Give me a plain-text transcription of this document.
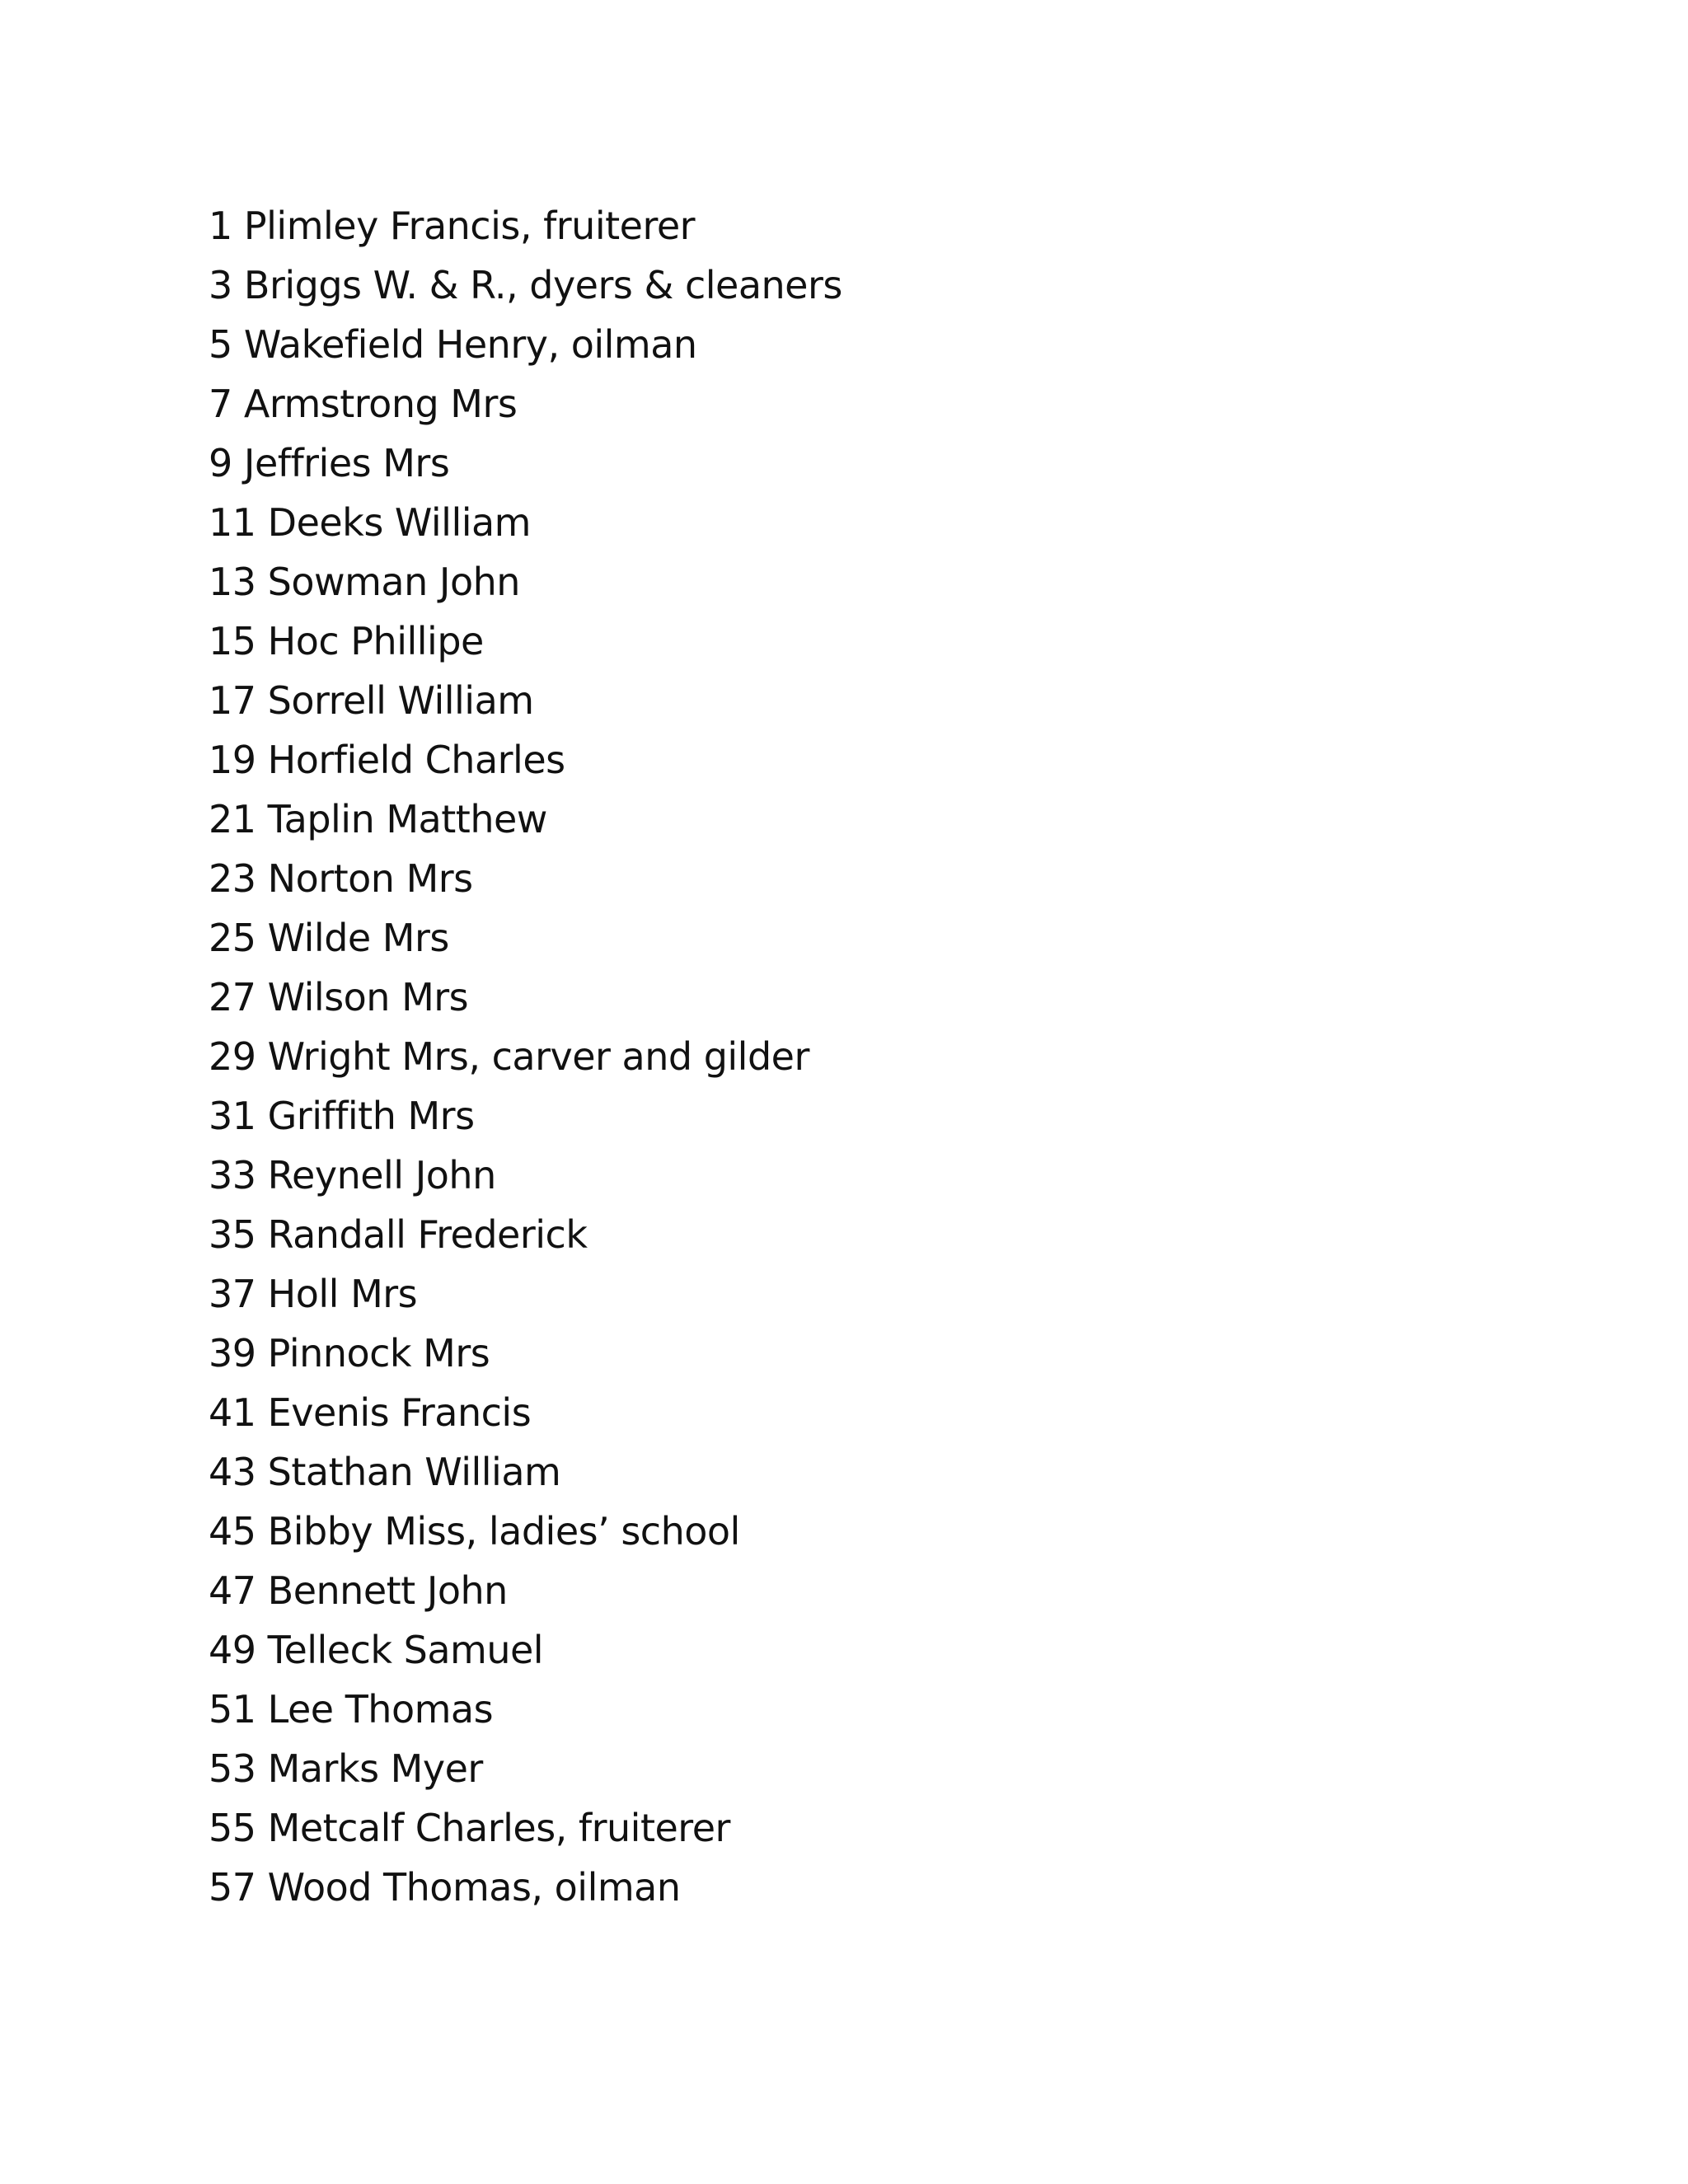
1 Plimley Francis, fruiterer
3 Briggs W. & R., dyers & cleaners
5 Wakefield Henry, oilman
7 Armstrong Mrs
9 Jeffries Mrs
11 Deeks William
13 Sowman John
15 Hoc Phillipe
17 Sorrell William
19 Horfield Charles
21 Taplin Matthew
23 Norton Mrs
25 Wilde Mrs
27 Wilson Mrs
29 Wright Mrs, carver and gilder
31 Griffith Mrs
33 Reynell John
35 Randall Frederick
37 Holl Mrs
39 Pinnock Mrs
41 Evenis Francis
43 Stathan William
45 Bibby Miss, ladies’ school
47 Bennett John
49 Telleck Samuel
51 Lee Thomas
53 Marks Myer
55 Metcalf Charles, fruiterer
57 Wood Thomas, oilman
